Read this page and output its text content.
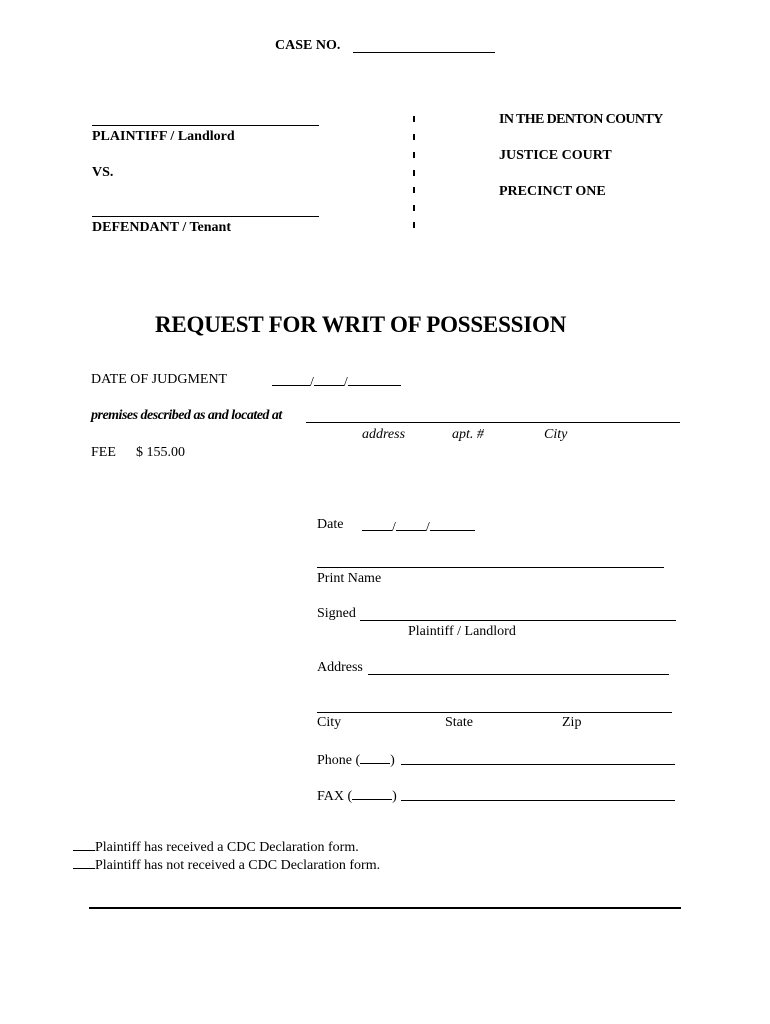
CASE NO.
PLAINTIFF / Landlord
VS.
DEFENDANT / Tenant
IN THE DENTON COUNTY
JUSTICE COURT
PRECINCT ONE
REQUEST FOR WRIT OF POSSESSION
DATE OF JUDGMENT	/ /
premises described as and located at
address	apt. #	City
FEE $ 155.00
Date	/ /
Print Name
Signed
Plaintiff / Landlord
Address
City	State	Zip
Phone ( )
FAX (	)
Plaintiff has received a CDC Declaration form.
Plaintiff has not received a CDC Declaration form.
